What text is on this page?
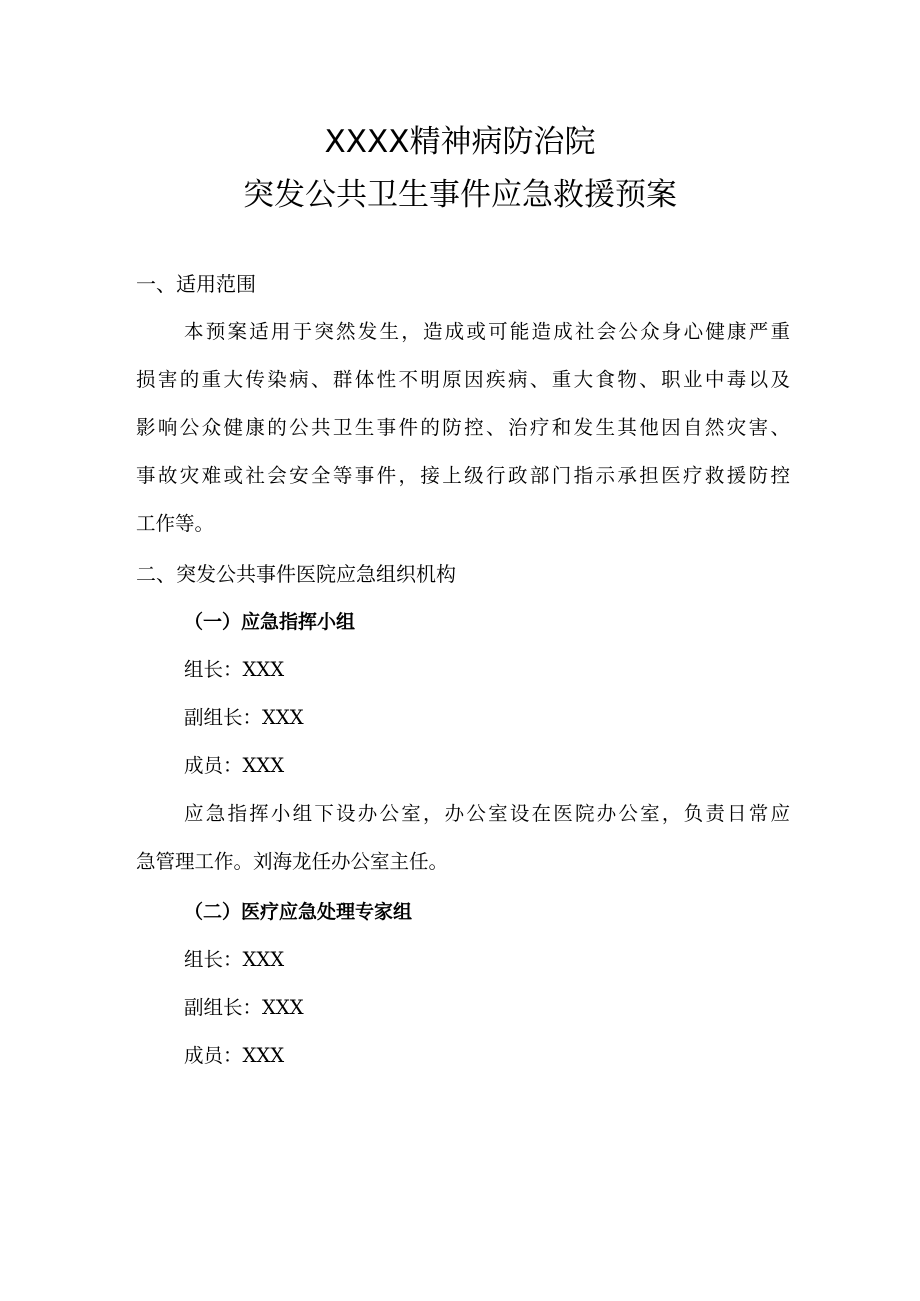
XXXX精神病防治院
突发公共卫生事件应急救援预案
一、适用范围
本预案适用于突然发生，造成或可能造成社会公众身心健康严重
损害的重大传染病、群体性不明原因疾病、重大食物、职业中毒以及
影响公众健康的公共卫生事件的防控、治疗和发生其他因自然灾害、
事故灾难或社会安全等事件，接上级行政部门指示承担医疗救援防控
工作等。
二、突发公共事件医院应急组织机构
（一）应急指挥小组
组长：XXX
副组长：XXX
成员：XXX
应急指挥小组下设办公室，办公室设在医院办公室，负责日常应
急管理工作。刘海龙任办公室主任。
（二）医疗应急处理专家组
组长：XXX
副组长：XXX
成员：XXX
